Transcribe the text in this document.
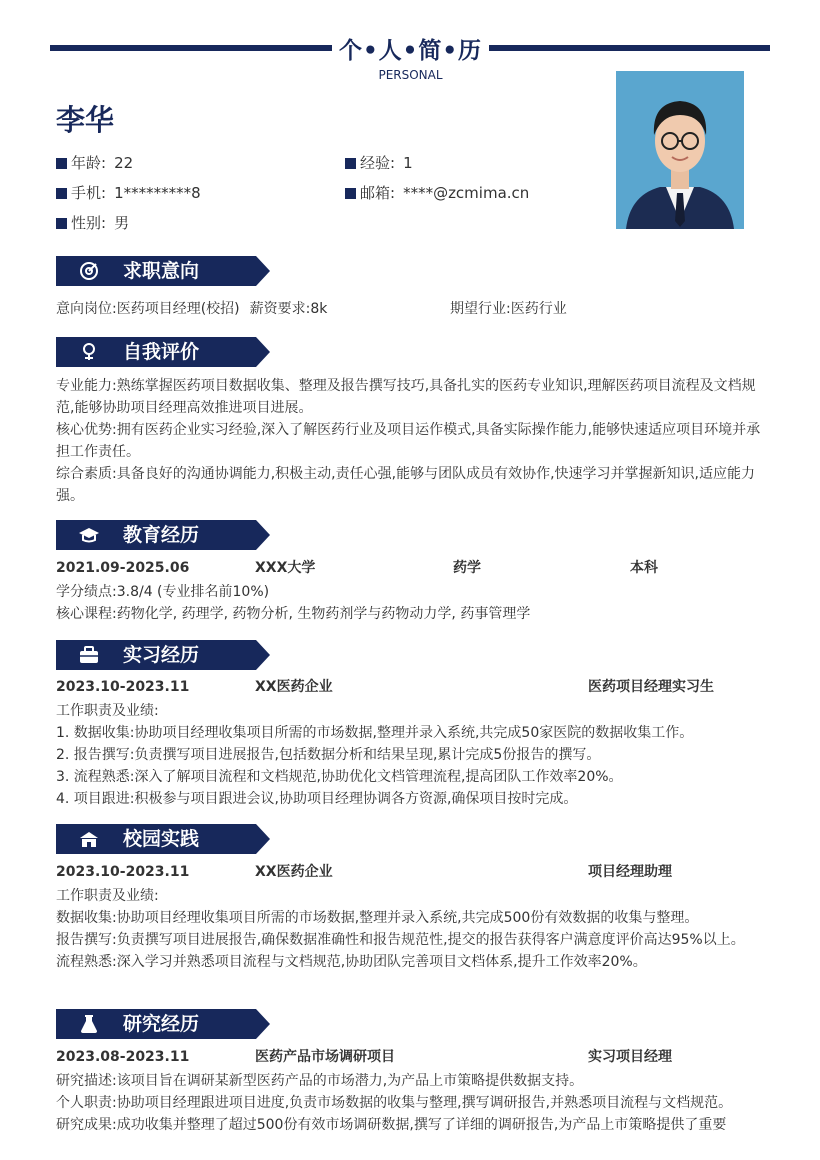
个•人•简•历
PERSONAL
李华
年龄: 22	经验: 1
手机: 1*********8	邮箱: ****@zcmima.cn
性别: 男
求职意向
意向岗位:医药项目经理(校招) 薪资要求:8k	期望行业:医药行业
自我评价

专业能力:熟练掌握医药项目数据收集、整理及报告撰写技巧,具备扎实的医药专业知识,理解医药项目流程及文档规范,能够协助项目经理高效推进项目进展。

核心优势:拥有医药企业实习经验,深入了解医药行业及项目运作模式,具备实际操作能力,能够快速适应项目环境并承担工作责任。

综合素质:具备良好的沟通协调能力,积极主动,责任心强,能够与团队成员有效协作,快速学习并掌握新知识,适应能力强。

教育经历
2021.09-2025.06	XXX大学	药学	本科
学分绩点:3.8/4 (专业排名前10%)
核心课程:药物化学, 药理学, 药物分析, 生物药剂学与药物动力学, 药事管理学
实习经历
2023.10-2023.11	XX医药企业	医药项目经理实习生

工作职责及业绩:

1. 数据收集:协助项目经理收集项目所需的市场数据,整理并录入系统,共完成50家医院的数据收集工作。

2. 报告撰写:负责撰写项目进展报告,包括数据分析和结果呈现,累计完成5份报告的撰写。

3. 流程熟悉:深入了解项目流程和文档规范,协助优化文档管理流程,提高团队工作效率20%。

4. 项目跟进:积极参与项目跟进会议,协助项目经理协调各方资源,确保项目按时完成。

校园实践
2023.10-2023.11	XX医药企业	项目经理助理

工作职责及业绩:

数据收集:协助项目经理收集项目所需的市场数据,整理并录入系统,共完成500份有效数据的收集与整理。

报告撰写:负责撰写项目进展报告,确保数据准确性和报告规范性,提交的报告获得客户满意度评价高达95%以上。

流程熟悉:深入学习并熟悉项目流程与文档规范,协助团队完善项目文档体系,提升工作效率20%。

研究经历
2023.08-2023.11	医药产品市场调研项目	实习项目经理

研究描述:该项目旨在调研某新型医药产品的市场潜力,为产品上市策略提供数据支持。

个人职责:协助项目经理跟进项目进度,负责市场数据的收集与整理,撰写调研报告,并熟悉项目流程与文档规范。

研究成果:成功收集并整理了超过500份有效市场调研数据,撰写了详细的调研报告,为产品上市策略提供了重要
